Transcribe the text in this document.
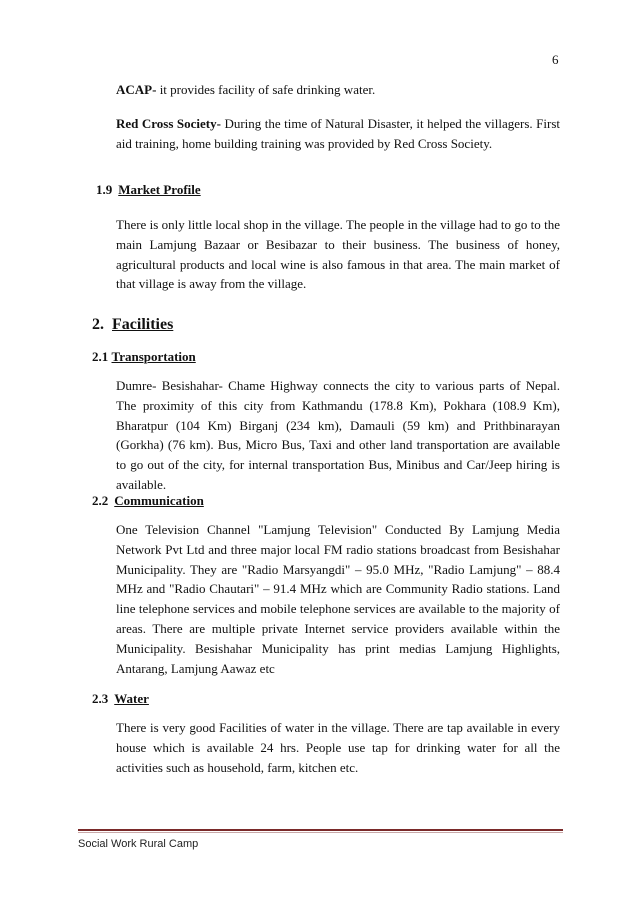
6

ACAP- it provides facility of safe drinking water.

Red Cross Society- During the time of Natural Disaster, it helped the villagers. First aid training, home building training was provided by Red Cross Society.

1.9 Market Profile

There is only little local shop in the village. The people in the village had to go to the main Lamjung Bazaar or Besibazar to their business. The business of honey, agricultural products and local wine is also famous in that area. The main market of that village is away from the village.

2. Facilities
2.1 Transportation

Dumre- Besishahar- Chame Highway connects the city to various parts of Nepal. The proximity of this city from Kathmandu (178.8 Km), Pokhara (108.9 Km), Bharatpur (104 Km) Birganj (234 km), Damauli (59 km) and Prithbinarayan (Gorkha) (76 km). Bus, Micro Bus, Taxi and other land transportation are available to go out of the city, for internal transportation Bus, Minibus and Car/Jeep hiring is available.

2.2 Communication

One Television Channel "Lamjung Television" Conducted By Lamjung Media Network Pvt Ltd and three major local FM radio stations broadcast from Besishahar Municipality. They are "Radio Marsyangdi" – 95.0 MHz, "Radio Lamjung" – 88.4 MHz and "Radio Chautari" – 91.4 MHz which are Community Radio stations. Land line telephone services and mobile telephone services are available to the majority of areas. There are multiple private Internet service providers available within the Municipality. Besishahar Municipality has print medias Lamjung Highlights, Antarang, Lamjung Aawaz etc

2.3 Water

There is very good Facilities of water in the village. There are tap available in every house which is available 24 hrs. People use tap for drinking water for all the activities such as household, farm, kitchen etc.

Social Work Rural Camp
